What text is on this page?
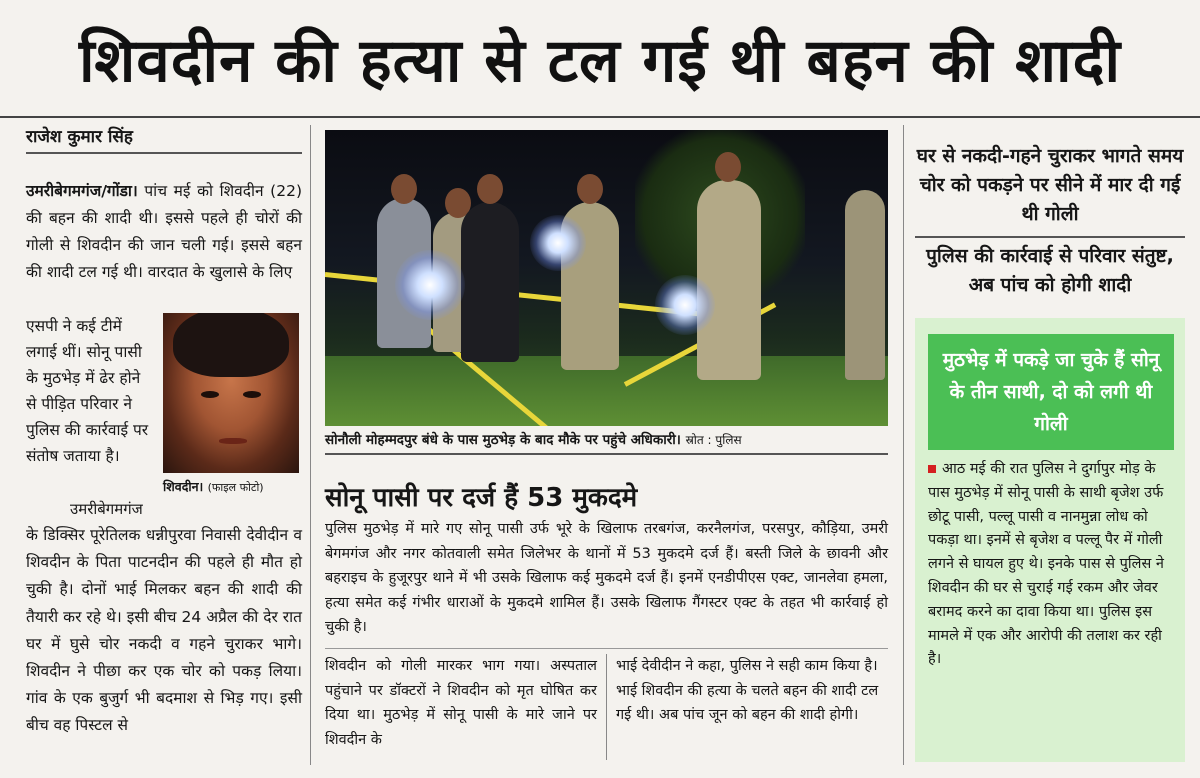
शिवदीन की हत्या से टल गई थी बहन की शादी
राजेश कुमार सिंह
उमरीबेगमगंज/गोंडा। पांच मई को शिवदीन (22) की बहन की शादी थी। इससे पहले ही चोरों की गोली से शिवदीन की जान चली गई। इससे बहन की शादी टल गई थी। वारदात के खुलासे के लिए
एसपी ने कई टीमें लगाई थीं। सोनू पासी के मुठभेड़ में ढेर होने से पीड़ित परिवार ने पुलिस की कार्रवाई पर संतोष जताया है।
शिवदीन। (फाइल फोटो)
उमरीबेगमगंज
के डिक्सिर पूरेतिलक धन्नीपुरवा निवासी देवीदीन व शिवदीन के पिता पाटनदीन की पहले ही मौत हो चुकी है। दोनों भाई मिलकर बहन की शादी की तैयारी कर रहे थे। इसी बीच 24 अप्रैल की देर रात घर में घुसे चोर नकदी व गहने चुराकर भागे। शिवदीन ने पीछा कर एक चोर को पकड़ लिया। गांव के एक बुजुर्ग भी बदमाश से भिड़ गए। इसी बीच वह पिस्टल से
सोनौली मोहम्मदपुर बंधे के पास मुठभेड़ के बाद मौके पर पहुंचे अधिकारी। स्रोत : पुलिस
सोनू पासी पर दर्ज हैं 53 मुकदमे
पुलिस मुठभेड़ में मारे गए सोनू पासी उर्फ भूरे के खिलाफ तरबगंज, करनैलगंज, परसपुर, कौड़िया, उमरी बेगमगंज और नगर कोतवाली समेत जिलेभर के थानों में 53 मुकदमे दर्ज हैं। बस्ती जिले के छावनी और बहराइच के हुजूरपुर थाने में भी उसके खिलाफ कई मुकदमे दर्ज हैं। इनमें एनडीपीएस एक्ट, जानलेवा हमला, हत्या समेत कई गंभीर धाराओं के मुकदमे शामिल हैं। उसके खिलाफ गैंगस्टर एक्ट के तहत भी कार्रवाई हो चुकी है।
शिवदीन को गोली मारकर भाग गया। अस्पताल पहुंचाने पर डॉक्टरों ने शिवदीन को मृत घोषित कर दिया था। मुठभेड़ में सोनू पासी के मारे जाने पर शिवदीन के
भाई देवीदीन ने कहा, पुलिस ने सही काम किया है। भाई शिवदीन की हत्या के चलते बहन की शादी टल गई थी। अब पांच जून को बहन की शादी होगी।
घर से नकदी-गहने चुराकर भागते समय चोर को पकड़ने पर सीने में मार दी गई थी गोली
पुलिस की कार्रवाई से परिवार संतुष्ट, अब पांच को होगी शादी
मुठभेड़ में पकड़े जा चुके हैं सोनू के तीन साथी, दो को लगी थी गोली
आठ मई की रात पुलिस ने दुर्गापुर मोड़ के पास मुठभेड़ में सोनू पासी के साथी बृजेश उर्फ छोटू पासी, पल्लू पासी व नानमुन्ना लोध को पकड़ा था। इनमें से बृजेश व पल्लू पैर में गोली लगने से घायल हुए थे। इनके पास से पुलिस ने शिवदीन की घर से चुराई गई रकम और जेवर बरामद करने का दावा किया था। पुलिस इस मामले में एक और आरोपी की तलाश कर रही है।
